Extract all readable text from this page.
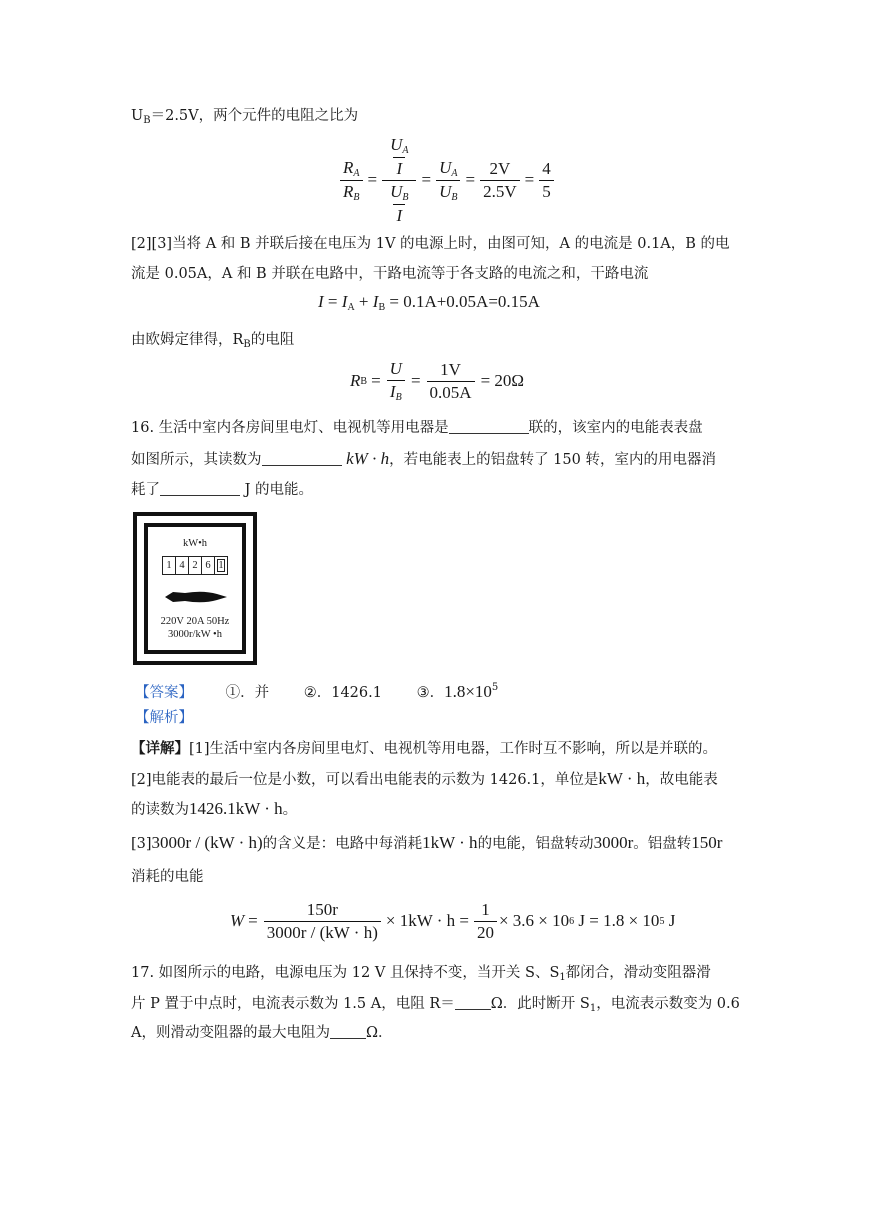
$U_B=2.5V$，两个元件的电阻之比为
$\frac{R_A}{R_B} = \frac{\frac{U_A}{I}}{\frac{U_B}{I}} = \frac{U_A}{U_B} = \frac{2V}{2.5V} = \frac{4}{5}$
[2][3]当将 A 和 B 并联后接在电压为 1V 的电源上时，由图可知，A 的电流是 0.1A，B 的电
流是 0.05A，A 和 B 并联在电路中，干路电流等于各支路的电流之和，干路电流
$I = I_A + I_B = 0.1A+0.05A=0.15A$
由欧姆定律得，$R_B$的电阻
R $B = \frac{U}{I_B} = \frac{1V}{0.05A} = 20\Omega$
16. 生活中室内各房间里电灯、电视机等用电器是	联的，该室内的电能表表盘
如图所示，其读数为	kW · h，若电能表上的铝盘转了 150 转，室内的用电器消
耗了	J 的电能。
kW•h
1 4 2 6 1
220V 20A 50Hz
3000r/kW •h
【答案】 ①．并 ②．1426.1 ③．$1.8\times 10^5$
【解析】
【详解】[1]生活中室内各房间里电灯、电视机等用电器，工作时互不影响，所以是并联的。
[2]电能表的最后一位是小数，可以看出电能表的示数为 1426.1，单位是kW · h，故电能表
的读数为1426.1kW · h。
[3]3000r / (kW · h)的含义是：电路中每消耗1kW · h的电能，铝盘转动3000r。铝盘转150r
消耗的电能
$W = \frac{150r}{3000r / (kW \cdot h)} \times 1kW \cdot h = \frac{1}{20} \times 3.6 \times 10$ 6 J = 1.8 × 10 5 J
17. 如图所示的电路，电源电压为 12 V 且保持不变，当开关 S、$S_1$都闭合，滑动变阻器滑
片 P 置于中点时，电流表示数为 1.5 A，电阻 R＝ Ω．此时断开 $S_1$，电流表示数变为 0.6
A，则滑动变阻器的最大电阻为 Ω．
